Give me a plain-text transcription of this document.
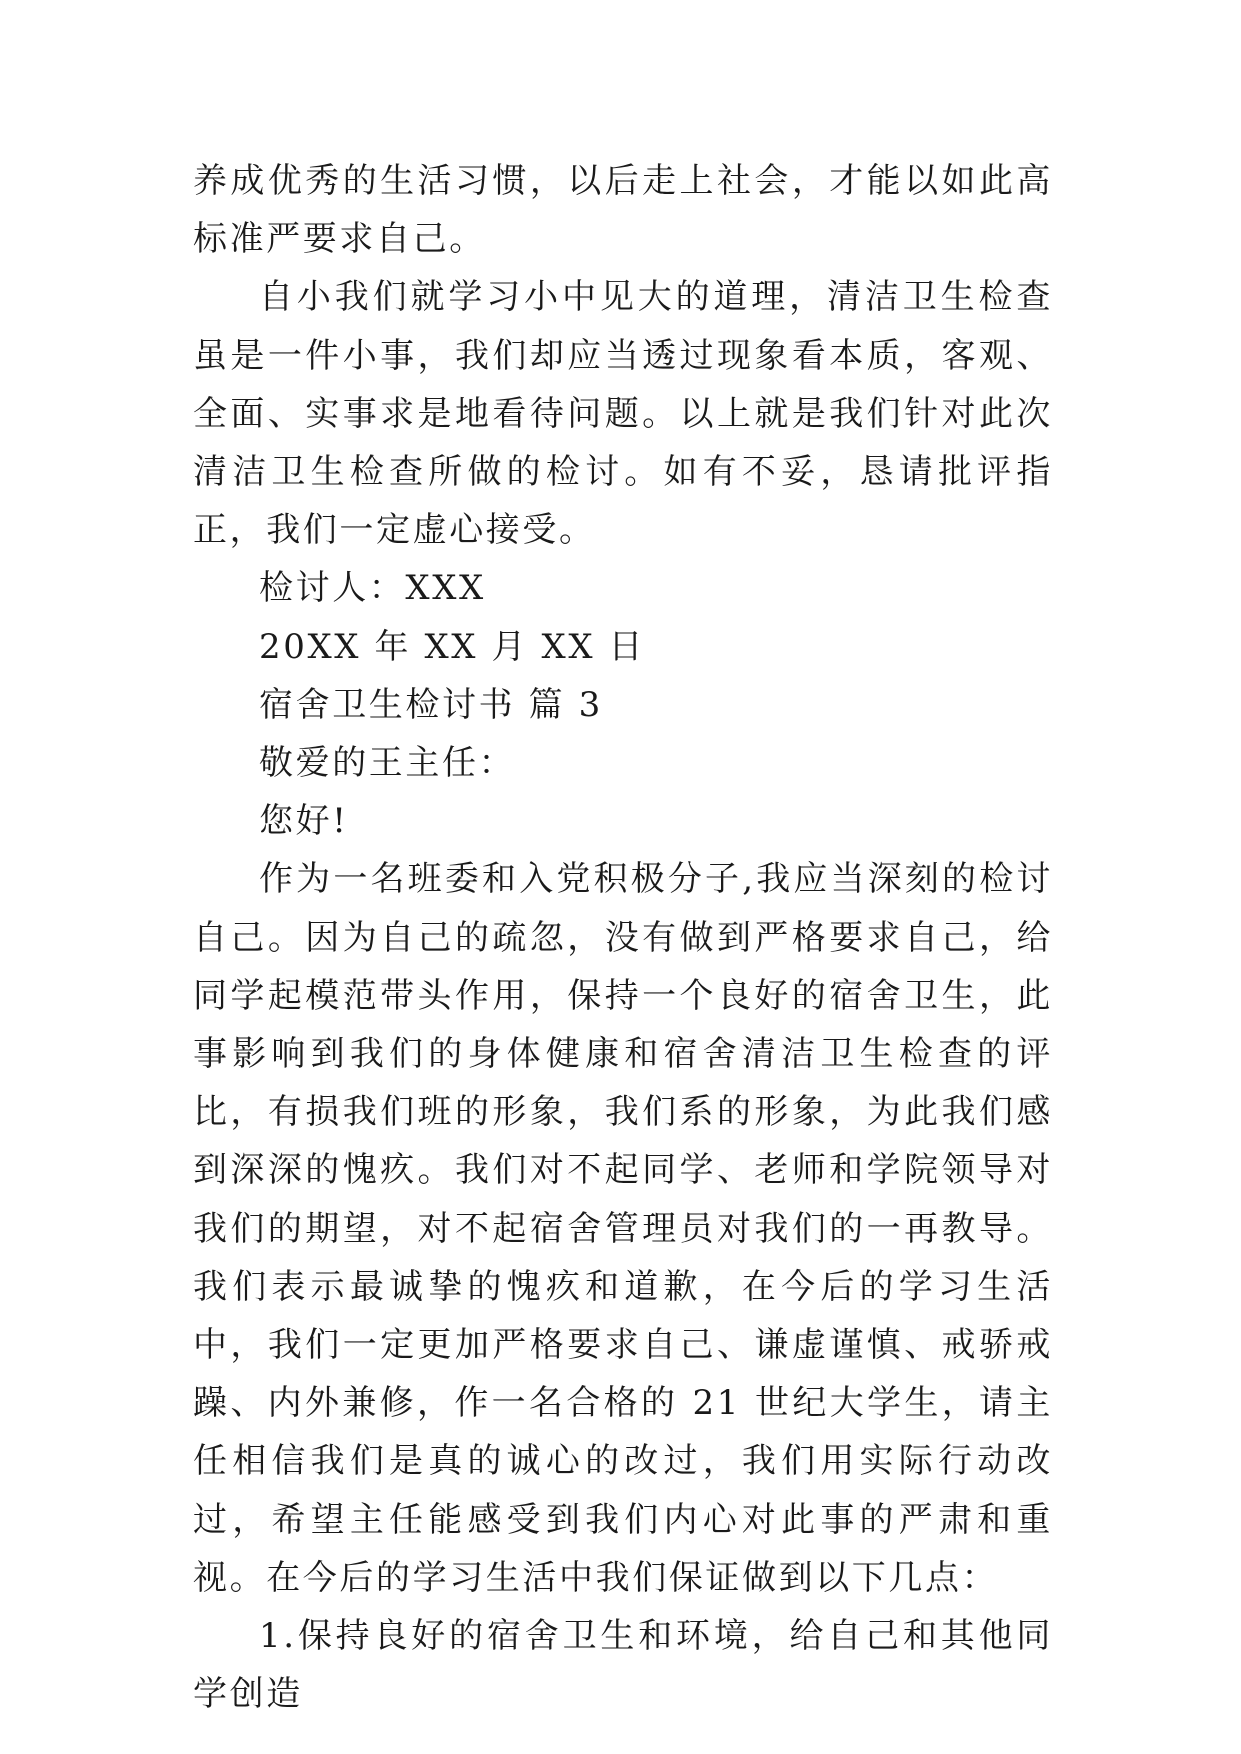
养成优秀的生活习惯，以后走上社会，才能以如此高标准严要求自己。

自小我们就学习小中见大的道理，清洁卫生检查虽是一件小事，我们却应当透过现象看本质，客观、全面、实事求是地看待问题。以上就是我们针对此次清洁卫生检查所做的检讨。如有不妥，恳请批评指正，我们一定虚心接受。

检讨人：XXX

20XX 年 XX 月 XX 日

宿舍卫生检讨书 篇 3

敬爱的王主任：

您好!

作为一名班委和入党积极分子,我应当深刻的检讨自己。因为自己的疏忽，没有做到严格要求自己，给同学起模范带头作用，保持一个良好的宿舍卫生，此事影响到我们的身体健康和宿舍清洁卫生检查的评比，有损我们班的形象，我们系的形象，为此我们感到深深的愧疚。我们对不起同学、老师和学院领导对我们的期望，对不起宿舍管理员对我们的一再教导。我们表示最诚挚的愧疚和道歉，在今后的学习生活中，我们一定更加严格要求自己、谦虚谨慎、戒骄戒躁、内外兼修，作一名合格的 21 世纪大学生，请主任相信我们是真的诚心的改过，我们用实际行动改过，希望主任能感受到我们内心对此事的严肃和重视。在今后的学习生活中我们保证做到以下几点：

1.保持良好的宿舍卫生和环境，给自己和其他同学创造
